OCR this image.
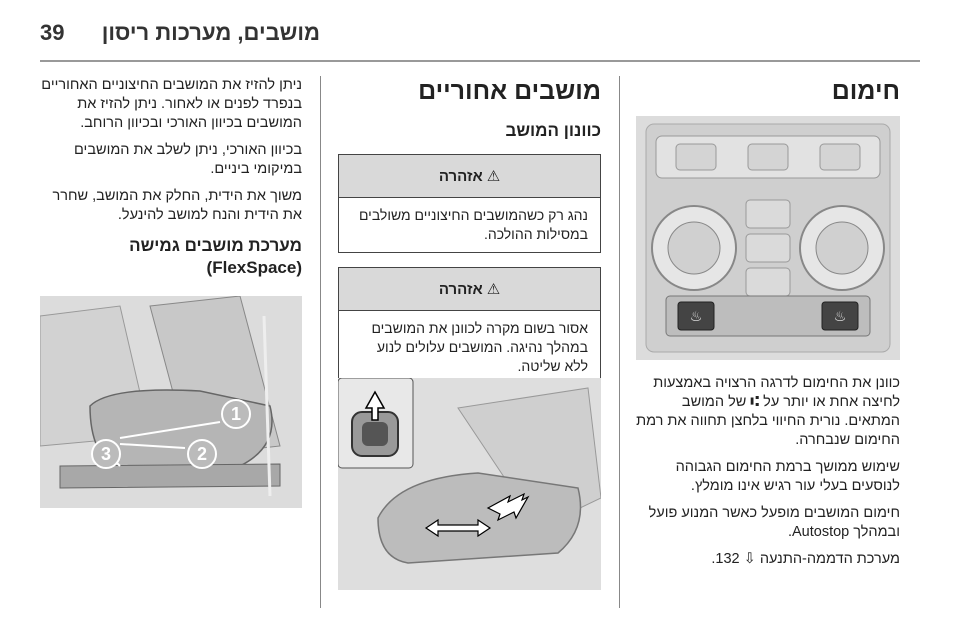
39 מושבים, מערכות ריסון
חימום
♨	♨

כוונן את החימום לדרגה הרצויה באמצעות לחיצה אחת או יותר על ⑆ של המושב המתאים. נורית החיווי בלחצן תחווה את רמת החימום שנבחרה.

שימוש ממושך ברמת החימום הגבוהה לנוסעים בעלי עור רגיש אינו מומלץ.

חימום המושבים מופעל כאשר המנוע פועל ובמהלך Autostop.

מערכת הדממה-התנעה ⇩ 132.

מושבים אחוריים
כוונון המושב
⚠
אזהרה
נהג רק כשהמושבים החיצוניים משולבים במסילות ההולכה.
⚠
אזהרה
אסור בשום מקרה לכוונן את המושבים במהלך נהיגה. המושבים עלולים לנוע ללא שליטה.

ניתן להזיז את המושבים החיצוניים האחוריים בנפרד לפנים או לאחור. ניתן להזיז את המושבים בכיוון האורכי ובכיוון הרוחב.

בכיוון האורכי, ניתן לשלב את המושבים במיקומי ביניים.

משוך את הידית, החלק את המושב, שחרר את הידית והנח למושב להינעל.

מערכת מושבים גמישה (FlexSpace)
1
2
3
